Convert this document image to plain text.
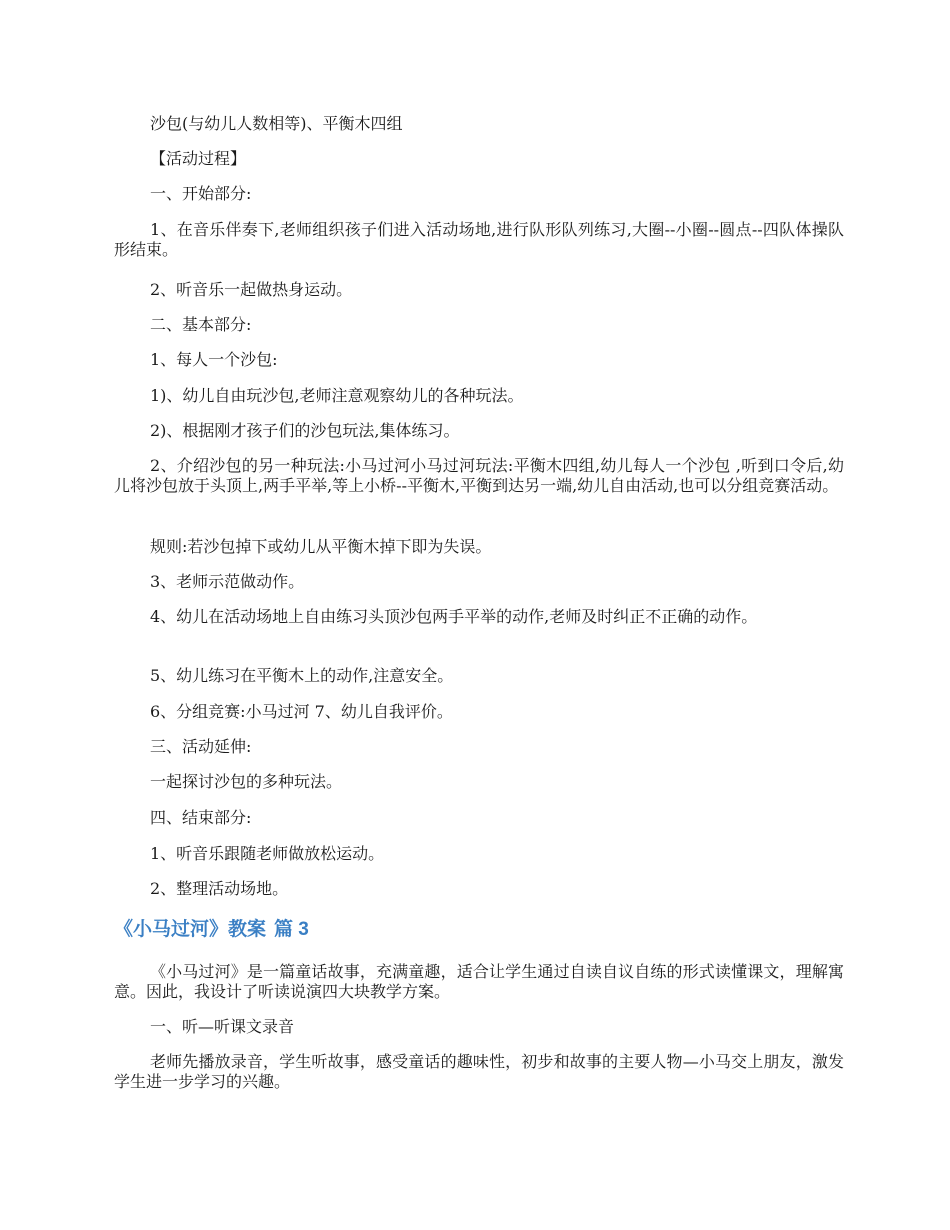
沙包(与幼儿人数相等)、平衡木四组

【活动过程】

一、开始部分:

1、在音乐伴奏下,老师组织孩子们进入活动场地,进行队形队列练习,大圈--小圈--圆点--四队体操队形结束。

2、听音乐一起做热身运动。

二、基本部分:

1、每人一个沙包:

1)、幼儿自由玩沙包,老师注意观察幼儿的各种玩法。

2)、根据刚才孩子们的沙包玩法,集体练习。

2、介绍沙包的另一种玩法:小马过河小马过河玩法:平衡木四组,幼儿每人一个沙包 ,听到口令后,幼儿将沙包放于头顶上,两手平举,等上小桥--平衡木,平衡到达另一端,幼儿自由活动,也可以分组竞赛活动。

规则:若沙包掉下或幼儿从平衡木掉下即为失误。

3、老师示范做动作。

4、幼儿在活动场地上自由练习头顶沙包两手平举的动作,老师及时纠正不正确的动作。

5、幼儿练习在平衡木上的动作,注意安全。

6、分组竞赛:小马过河 7、幼儿自我评价。

三、活动延伸:

一起探讨沙包的多种玩法。

四、结束部分:

1、听音乐跟随老师做放松运动。

2、整理活动场地。

《小马过河》教案 篇 3

《小马过河》是一篇童话故事，充满童趣，适合让学生通过自读自议自练的形式读懂课文，理解寓意。因此，我设计了听读说演四大块教学方案。

一、听—听课文录音

老师先播放录音，学生听故事，感受童话的趣味性，初步和故事的主要人物—小马交上朋友，激发学生进一步学习的兴趣。
